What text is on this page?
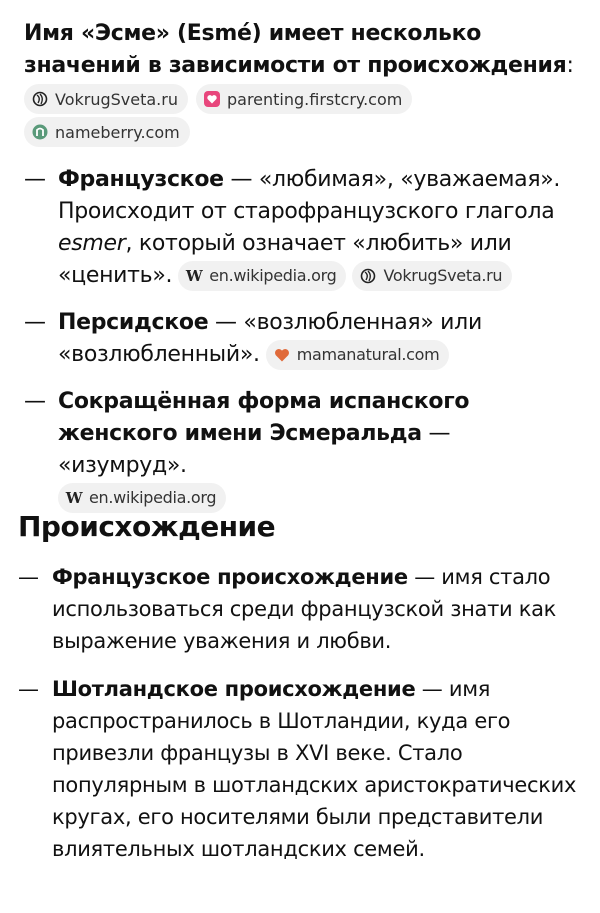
Имя «Эсме» (Esmé) имеет несколько значений в зависимости от происхождения:
VokrugSveta.ru	parenting.firstcry.com
nameberry.com
— Французское — «любимая», «уважаемая». Происходит от старофранцузского глагола esmer, который означает «любить» или «ценить». W en.wikipedia.org	VokrugSveta.ru
— Персидское — «возлюбленная» или «возлюбленный». mamanatural.com
— Сокращённая форма испанского женского имени Эсмеральда — «изумруд».

W en.wikipedia.org
Происхождение
— Французское происхождение — имя стало использоваться среди французской знати как выражение уважения и любви.
— Шотландское происхождение — имя распространилось в Шотландии, куда его привезли французы в XVI веке. Стало популярным в шотландских аристократических кругах, его носителями были представители влиятельных шотландских семей.
